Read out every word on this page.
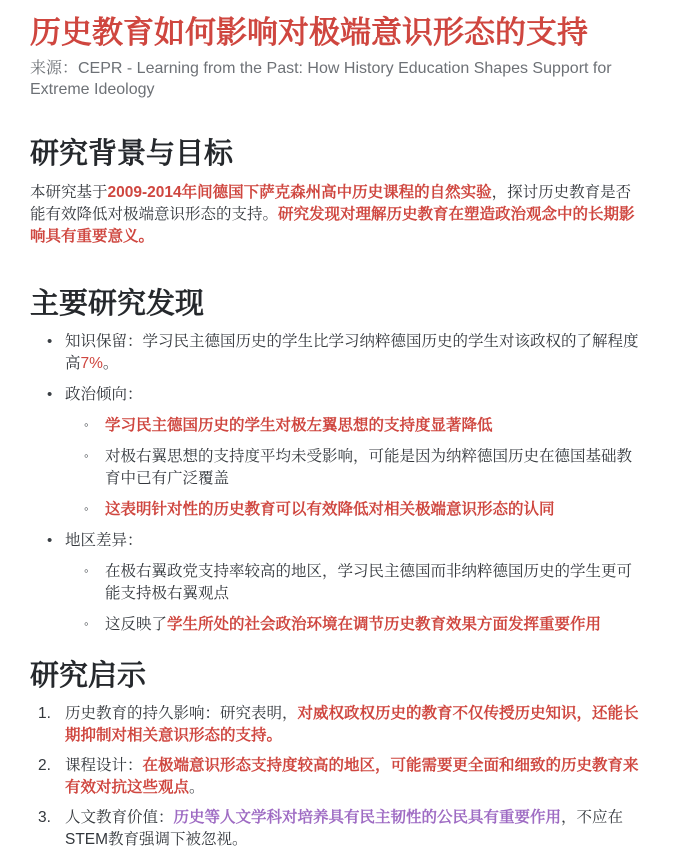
历史教育如何影响对极端意识形态的支持

来源：CEPR - Learning from the Past: How History Education Shapes Support for Extreme Ideology

研究背景与目标

本研究基于2009-2014年间德国下萨克森州高中历史课程的自然实验，探讨历史教育是否能有效降低对极端意识形态的支持。研究发现对理解历史教育在塑造政治观念中的长期影响具有重要意义。

主要研究发现
• 知识保留：学习民主德国历史的学生比学习纳粹德国历史的学生对该政权的了解程度高7%。
• 政治倾向：
◦ 学习民主德国历史的学生对极左翼思想的支持度显著降低
◦ 对极右翼思想的支持度平均未受影响，可能是因为纳粹德国历史在德国基础教育中已有广泛覆盖
◦ 这表明针对性的历史教育可以有效降低对相关极端意识形态的认同
• 地区差异：
◦ 在极右翼政党支持率较高的地区，学习民主德国而非纳粹德国历史的学生更可能支持极右翼观点
◦ 这反映了学生所处的社会政治环境在调节历史教育效果方面发挥重要作用
研究启示
1. 历史教育的持久影响：研究表明，对威权政权历史的教育不仅传授历史知识，还能长期抑制对相关意识形态的支持。
2. 课程设计：在极端意识形态支持度较高的地区，可能需要更全面和细致的历史教育来有效对抗这些观点。
3. 人文教育价值：历史等人文学科对培养具有民主韧性的公民具有重要作用，不应在STEM教育强调下被忽视。
